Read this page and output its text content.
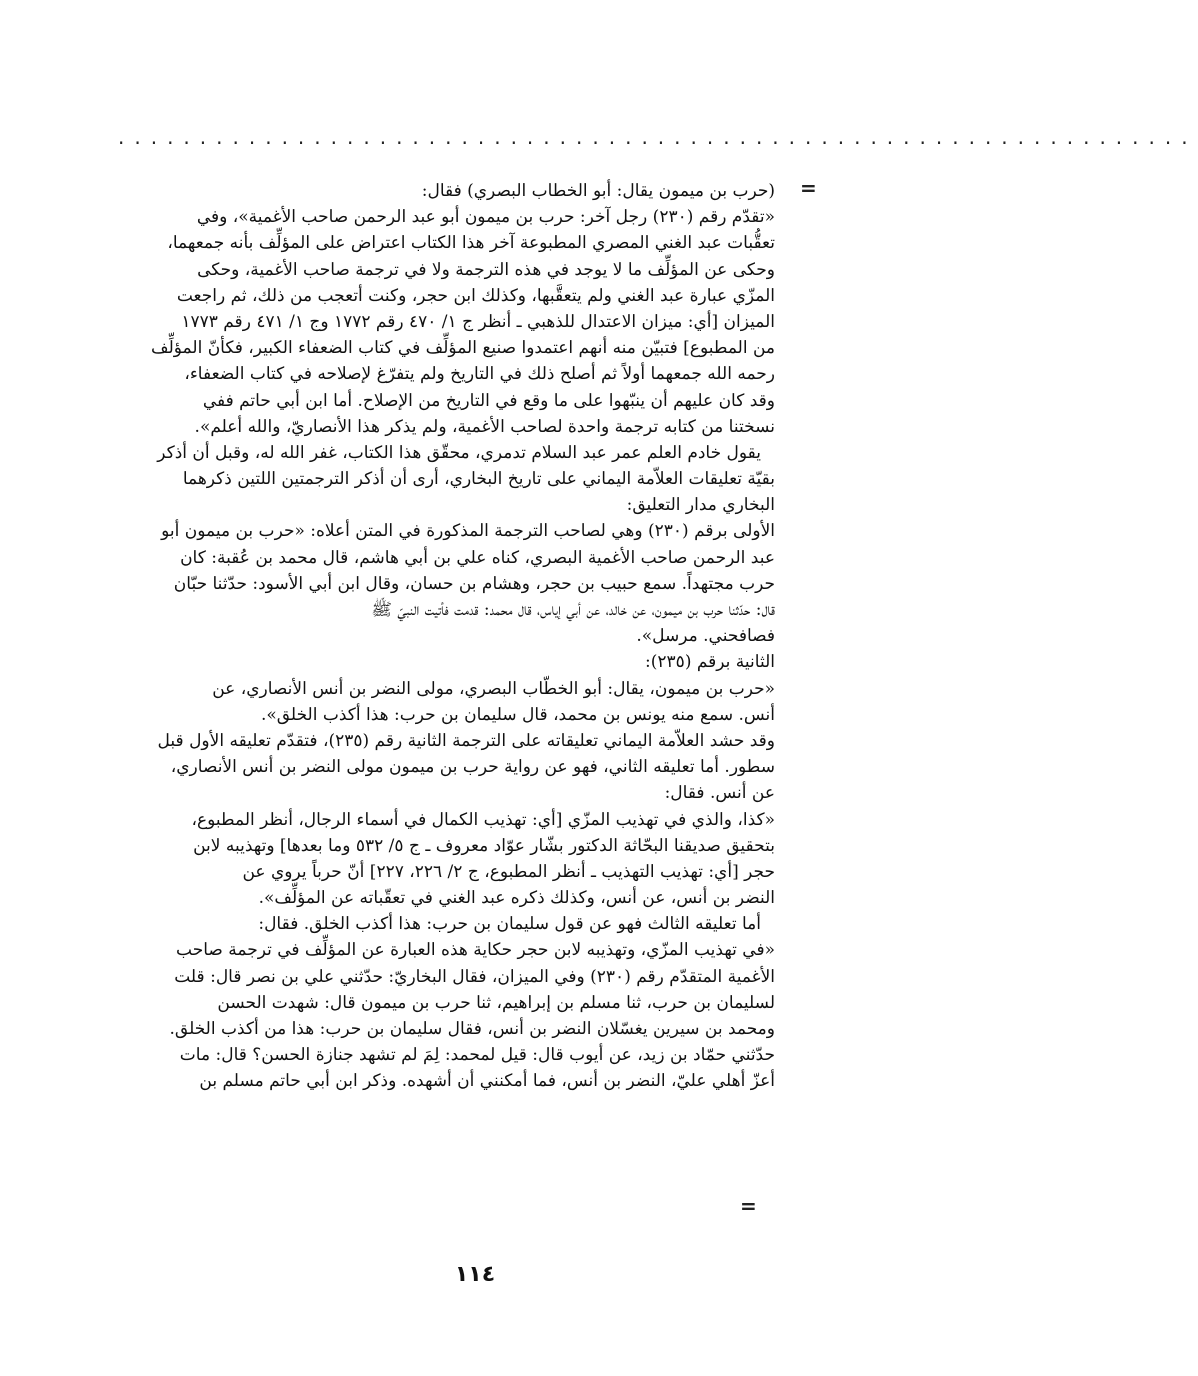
..................................................................
=
(حرب بن ميمون يقال: أبو الخطاب البصري) فقال:
«تقدّم رقم (٢٣٠) رجل آخر: حرب بن ميمون أبو عبد الرحمن صاحب الأغمية»، وفي
تعقُّبات عبد الغني المصري المطبوعة آخر هذا الكتاب اعتراض على المؤلِّف بأنه جمعهما،
وحكى عن المؤلِّف ما لا يوجد في هذه الترجمة ولا في ترجمة صاحب الأغمية، وحكى
المزّي عبارة عبد الغني ولم يتعقَّبها، وكذلك ابن حجر، وكنت أتعجب من ذلك، ثم راجعت
الميزان [أي: ميزان الاعتدال للذهبي ـ أنظر ج ١/ ٤٧٠ رقم ١٧٧٢ وج ١/ ٤٧١ رقم ١٧٧٣
من المطبوع] فتبيّن منه أنهم اعتمدوا صنيع المؤلِّف في كتاب الضعفاء الكبير، فكأنّ المؤلِّف
رحمه الله جمعهما أولاً ثم أصلح ذلك في التاريخ ولم يتفرّغ لإصلاحه في كتاب الضعفاء،
وقد كان عليهم أن ينبّهوا على ما وقع في التاريخ من الإصلاح. أما ابن أبي حاتم ففي
نسختنا من كتابه ترجمة واحدة لصاحب الأغمية، ولم يذكر هذا الأنصاريّ، والله أعلم».
يقول خادم العلم عمر عبد السلام تدمري، محقّق هذا الكتاب، غفر الله له، وقبل أن أذكر
بقيّة تعليقات العلاّمة اليماني على تاريخ البخاري، أرى أن أذكر الترجمتين اللتين ذكرهما
البخاري مدار التعليق:
الأولى برقم (٢٣٠) وهي لصاحب الترجمة المذكورة في المتن أعلاه: «حرب بن ميمون أبو
عبد الرحمن صاحب الأغمية البصري، كناه علي بن أبي هاشم، قال محمد بن عُقبة: كان
حرب مجتهداً. سمع حبيب بن حجر، وهشام بن حسان، وقال ابن أبي الأسود: حدّثنا حبّان
قال: حدّثنا حرب بن ميمون، عن خالد، عن أبي إياس، قال محمد: قدمت فأتيت النبيّ ﷺ
فصافحني. مرسل».
الثانية برقم (٢٣٥):
«حرب بن ميمون، يقال: أبو الخطّاب البصري، مولى النضر بن أنس الأنصاري، عن
أنس. سمع منه يونس بن محمد، قال سليمان بن حرب: هذا أكذب الخلق».
وقد حشد العلاّمة اليماني تعليقاته على الترجمة الثانية رقم (٢٣٥)، فتقدّم تعليقه الأول قبل
سطور. أما تعليقه الثاني، فهو عن رواية حرب بن ميمون مولى النضر بن أنس الأنصاري،
عن أنس. فقال:
«كذا، والذي في تهذيب المزّي [أي: تهذيب الكمال في أسماء الرجال، أنظر المطبوع،
بتحقيق صديقنا البحّاثة الدكتور بشّار عوّاد معروف ـ ج ٥/ ٥٣٢ وما بعدها] وتهذيبه لابن
حجر [أي: تهذيب التهذيب ـ أنظر المطبوع، ج ٢/ ٢٢٦، ٢٢٧] أنّ حرباً يروي عن
النضر بن أنس، عن أنس، وكذلك ذكره عبد الغني في تعقّباته عن المؤلِّف».
أما تعليقه الثالث فهو عن قول سليمان بن حرب: هذا أكذب الخلق. فقال:
«في تهذيب المزّي، وتهذيبه لابن حجر حكاية هذه العبارة عن المؤلِّف في ترجمة صاحب
الأغمية المتقدّم رقم (٢٣٠) وفي الميزان، فقال البخاريّ: حدّثني علي بن نصر قال: قلت
لسليمان بن حرب، ثنا مسلم بن إبراهيم، ثنا حرب بن ميمون قال: شهدت الحسن
ومحمد بن سيرين يغسّلان النضر بن أنس، فقال سليمان بن حرب: هذا من أكذب الخلق.
حدّثني حمّاد بن زيد، عن أيوب قال: قيل لمحمد: لِمَ لم تشهد جنازة الحسن؟ قال: مات
أعزّ أهلي عليّ، النضر بن أنس، فما أمكنني أن أشهده. وذكر ابن أبي حاتم مسلم بن
=
١١٤
